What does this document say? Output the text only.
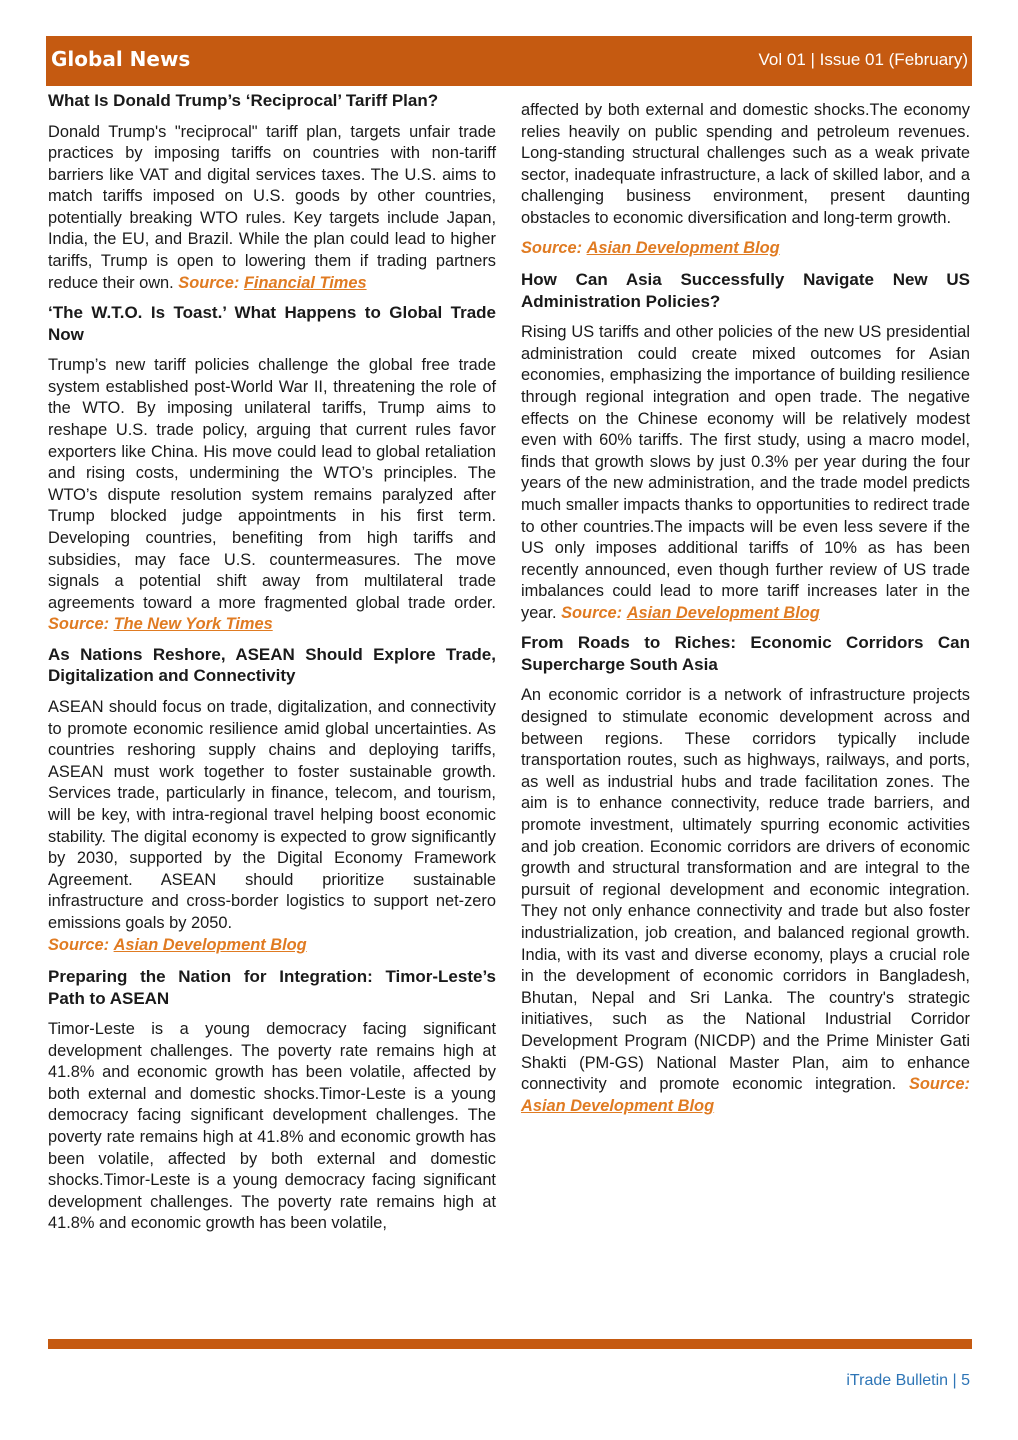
Global News	Vol 01 | Issue 01 (February)
What Is Donald Trump’s ‘Reciprocal’ Tariff Plan?

Donald Trump's "reciprocal" tariff plan, targets unfair trade practices by imposing tariffs on countries with non-tariff barriers like VAT and digital services taxes. The U.S. aims to match tariffs imposed on U.S. goods by other countries, potentially breaking WTO rules. Key targets include Japan, India, the EU, and Brazil. While the plan could lead to higher tariffs, Trump is open to lowering them if trading partners reduce their own. Source: Financial Times

‘The W.T.O. Is Toast.’ What Happens to Global Trade Now

Trump’s new tariff policies challenge the global free trade system established post-World War II, threatening the role of the WTO. By imposing unilateral tariffs, Trump aims to reshape U.S. trade policy, arguing that current rules favor exporters like China. His move could lead to global retaliation and rising costs, undermining the WTO’s principles. The WTO’s dispute resolution system remains paralyzed after Trump blocked judge appointments in his first term. Developing countries, benefiting from high tariffs and subsidies, may face U.S. countermeasures. The move signals a potential shift away from multilateral trade agreements toward a more fragmented global trade order. Source: The New York Times

As Nations Reshore, ASEAN Should Explore Trade, Digitalization and Connectivity

ASEAN should focus on trade, digitalization, and connectivity to promote economic resilience amid global uncertainties. As countries reshoring supply chains and deploying tariffs, ASEAN must work together to foster sustainable growth. Services trade, particularly in finance, telecom, and tourism, will be key, with intra-regional travel helping boost economic stability. The digital economy is expected to grow significantly by 2030, supported by the Digital Economy Framework Agreement. ASEAN should prioritize sustainable infrastructure and cross-border logistics to support net-zero emissions goals by 2050.

Source: Asian Development Blog
Preparing the Nation for Integration: Timor-Leste’s Path to ASEAN

Timor-Leste is a young democracy facing significant development challenges. The poverty rate remains high at 41.8% and economic growth has been volatile, affected by both external and domestic shocks.Timor-Leste is a young democracy facing significant development challenges. The poverty rate remains high at 41.8% and economic growth has been volatile, affected by both external and domestic shocks.Timor-Leste is a young democracy facing significant development challenges. The poverty rate remains high at 41.8% and economic growth has been volatile,

affected by both external and domestic shocks.The economy relies heavily on public spending and petroleum revenues. Long-standing structural challenges such as a weak private sector, inadequate infrastructure, a lack of skilled labor, and a challenging business environment, present daunting obstacles to economic diversification and long-term growth.

Source: Asian Development Blog
How Can Asia Successfully Navigate New US Administration Policies?

Rising US tariffs and other policies of the new US presidential administration could create mixed outcomes for Asian economies, emphasizing the importance of building resilience through regional integration and open trade. The negative effects on the Chinese economy will be relatively modest even with 60% tariffs. The first study, using a macro model, finds that growth slows by just 0.3% per year during the four years of the new administration, and the trade model predicts much smaller impacts thanks to opportunities to redirect trade to other countries.The impacts will be even less severe if the US only imposes additional tariffs of 10% as has been recently announced, even though further review of US trade imbalances could lead to more tariff increases later in the year. Source: Asian Development Blog

From Roads to Riches: Economic Corridors Can Supercharge South Asia

An economic corridor is a network of infrastructure projects designed to stimulate economic development across and between regions. These corridors typically include transportation routes, such as highways, railways, and ports, as well as industrial hubs and trade facilitation zones. The aim is to enhance connectivity, reduce trade barriers, and promote investment, ultimately spurring economic activities and job creation. Economic corridors are drivers of economic growth and structural transformation and are integral to the pursuit of regional development and economic integration. They not only enhance connectivity and trade but also foster industrialization, job creation, and balanced regional growth. India, with its vast and diverse economy, plays a crucial role in the development of economic corridors in Bangladesh, Bhutan, Nepal and Sri Lanka. The country's strategic initiatives, such as the National Industrial Corridor Development Program (NICDP) and the Prime Minister Gati Shakti (PM-GS) National Master Plan, aim to enhance connectivity and promote economic integration. Source: Asian Development Blog

iTrade Bulletin | 5
